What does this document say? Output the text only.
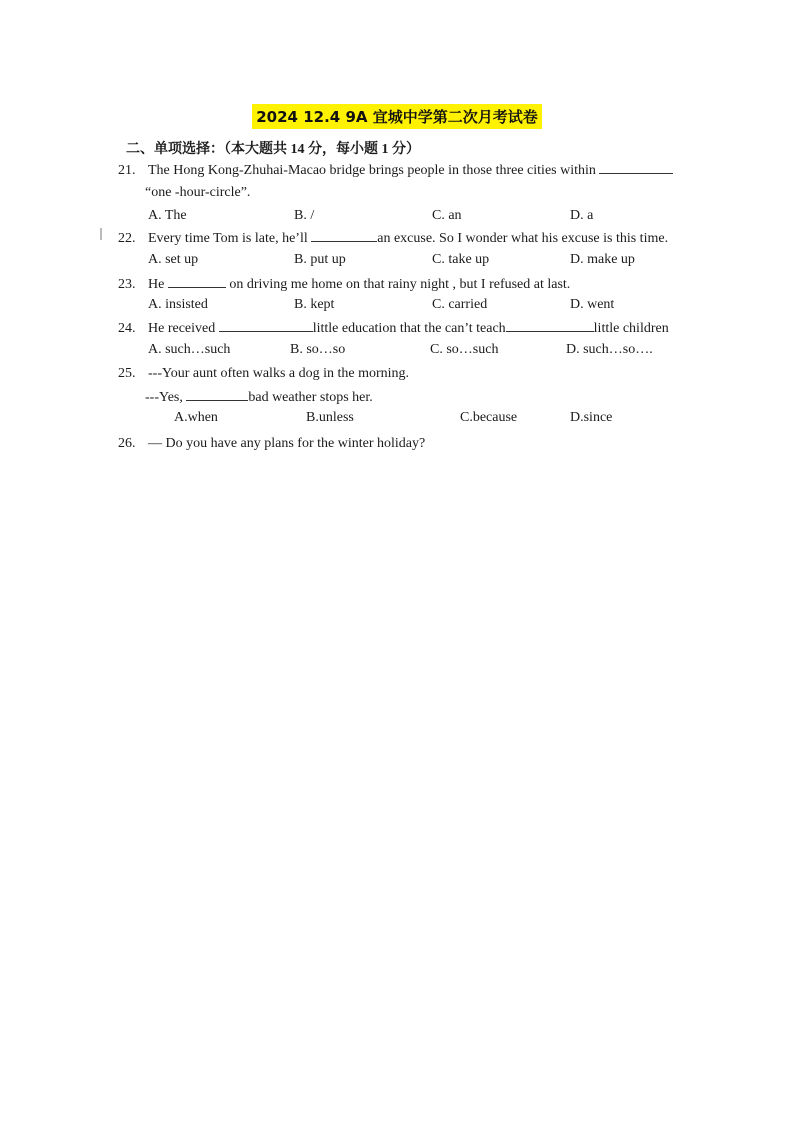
2024 12.4 9A 宜城中学第二次月考试卷
二、单项选择：（本大题共 14 分，每小题 1 分）
21. The Hong Kong-Zhuhai-Macao bridge brings people in those three cities within
“one -hour-circle”.
A. The	B. /	C. an	D. a
22. Every time Tom is late, he’ll	an excuse. So I wonder what his excuse is this time.
A. set up	B. put up	C. take up	D. make up
23. He	on driving me home on that rainy night , but I refused at last.
A. insisted	B. kept	C. carried	D. went
24. He received	little education that the can’t teach	little children
A. such…such	B. so…so	C. so…such	D. such…so….
25. ---Your aunt often walks a dog in the morning.
---Yes,	bad weather stops her.
A.when	B.unless	C.because	D.since
26. — Do you have any plans for the winter holiday?
